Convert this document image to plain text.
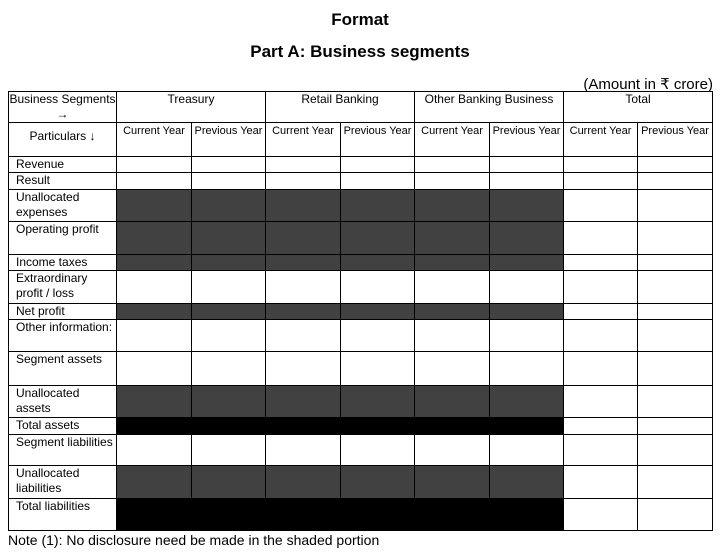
Format
Part A: Business segments
(Amount in ₹ crore)
Business Segments →	Treasury		Retail Banking		Other Banking Business		Total	
Particulars ↓	Current Year	Previous Year	Current Year	Previous Year	Current Year	Previous Year	Current Year	Previous Year
Revenue								
Result								
Unallocated expenses								
Operating profit								
Income taxes								
Extraordinary profit / loss								
Net profit								
Other information:								
Segment assets								
Unallocated assets								
Total assets								
Segment liabilities								
Unallocated liabilities								
Total liabilities								
Note (1): No disclosure need be made in the shaded portion
